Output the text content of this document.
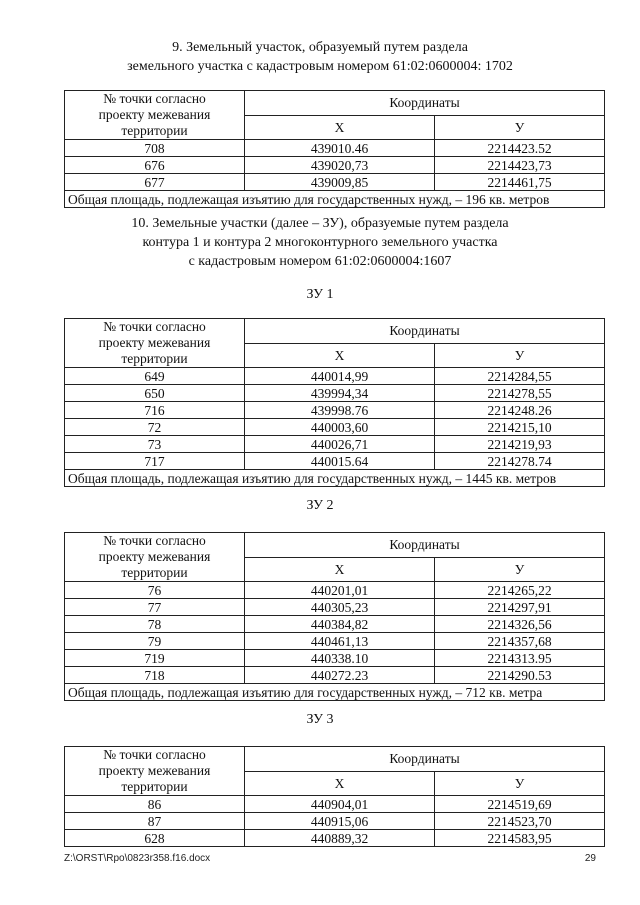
9. Земельный участок, образуемый путем раздела
земельного участка с кадастровым номером 61:02:0600004: 1702
№ точки согласно проекту межевания территории	Координаты	
	X	У
708	439010.46	2214423.52
676	439020,73	2214423,73
677	439009,85	2214461,75
Общая площадь, подлежащая изъятию для государственных нужд, – 196 кв. метров		
10. Земельные участки (далее – ЗУ), образуемые путем раздела
контура 1 и контура 2 многоконтурного земельного участка
с кадастровым номером 61:02:0600004:1607
ЗУ 1
№ точки согласно проекту межевания территории	Координаты	
	X	У
649	440014,99	2214284,55
650	439994,34	2214278,55
716	439998.76	2214248.26
72	440003,60	2214215,10
73	440026,71	2214219,93
717	440015.64	2214278.74
Общая площадь, подлежащая изъятию для государственных нужд, – 1445 кв. метров		
ЗУ 2
№ точки согласно проекту межевания территории	Координаты	
	X	У
76	440201,01	2214265,22
77	440305,23	2214297,91
78	440384,82	2214326,56
79	440461,13	2214357,68
719	440338.10	2214313.95
718	440272.23	2214290.53
Общая площадь, подлежащая изъятию для государственных нужд, – 712 кв. метра		
ЗУ 3
№ точки согласно проекту межевания территории	Координаты	
	X	У
86	440904,01	2214519,69
87	440915,06	2214523,70
628	440889,32	2214583,95
Z:\ORST\Rpo\0823r358.f16.docx	29
